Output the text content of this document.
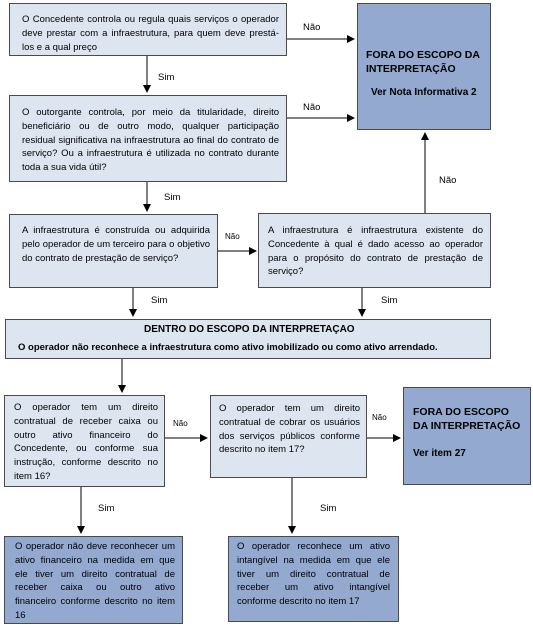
O Concedente controla ou regula quais serviços o operador deve prestar com a infraestrutura, para quem deve prestá-los e a qual preço
O outorgante controla, por meio da titularidade, direito beneficiário ou de outro modo, qualquer participação residual significativa na infraestrutura ao final do contrato de serviço? Ou a infraestrutura é utilizada no contrato durante toda a sua vida útil?
A infraestrutura é construída ou adquirida pelo operador de um terceiro para o objetivo do contrato de prestação de serviço?
A infraestrutura é infraestrutura existente do Concedente à qual é dado acesso ao operador para o propósito do contrato de prestação de serviço?
FORA DO ESCOPO DA INTERPRETAÇÃO
Ver Nota Informativa 2
DENTRO DO ESCOPO DA INTERPRETAÇAO
O operador não reconhece a infraestrutura como ativo imobilizado ou como ativo arrendado.
O operador tem um direito contratual de receber caixa ou outro ativo financeiro do Concedente, ou conforme sua instrução, conforme descrito no item 16?
O operador tem um direito contratual de cobrar os usuários dos serviços públicos conforme descrito no item 17?
FORA DO ESCOPO DA INTERPRETAÇÃO
Ver item 27
O operador não deve reconhecer um ativo financeiro na medida em que ele tiver um direito contratual de receber caixa ou outro ativo financeiro conforme descrito no item 16
O operador reconhece um ativo intangível na medida em que ele tiver um direito contratual de receber um ativo intangível conforme descrito no item 17
Não
Sim
Não
Sim
Não
Não
Sim	Sim
Não
Não
Sim	Sim
